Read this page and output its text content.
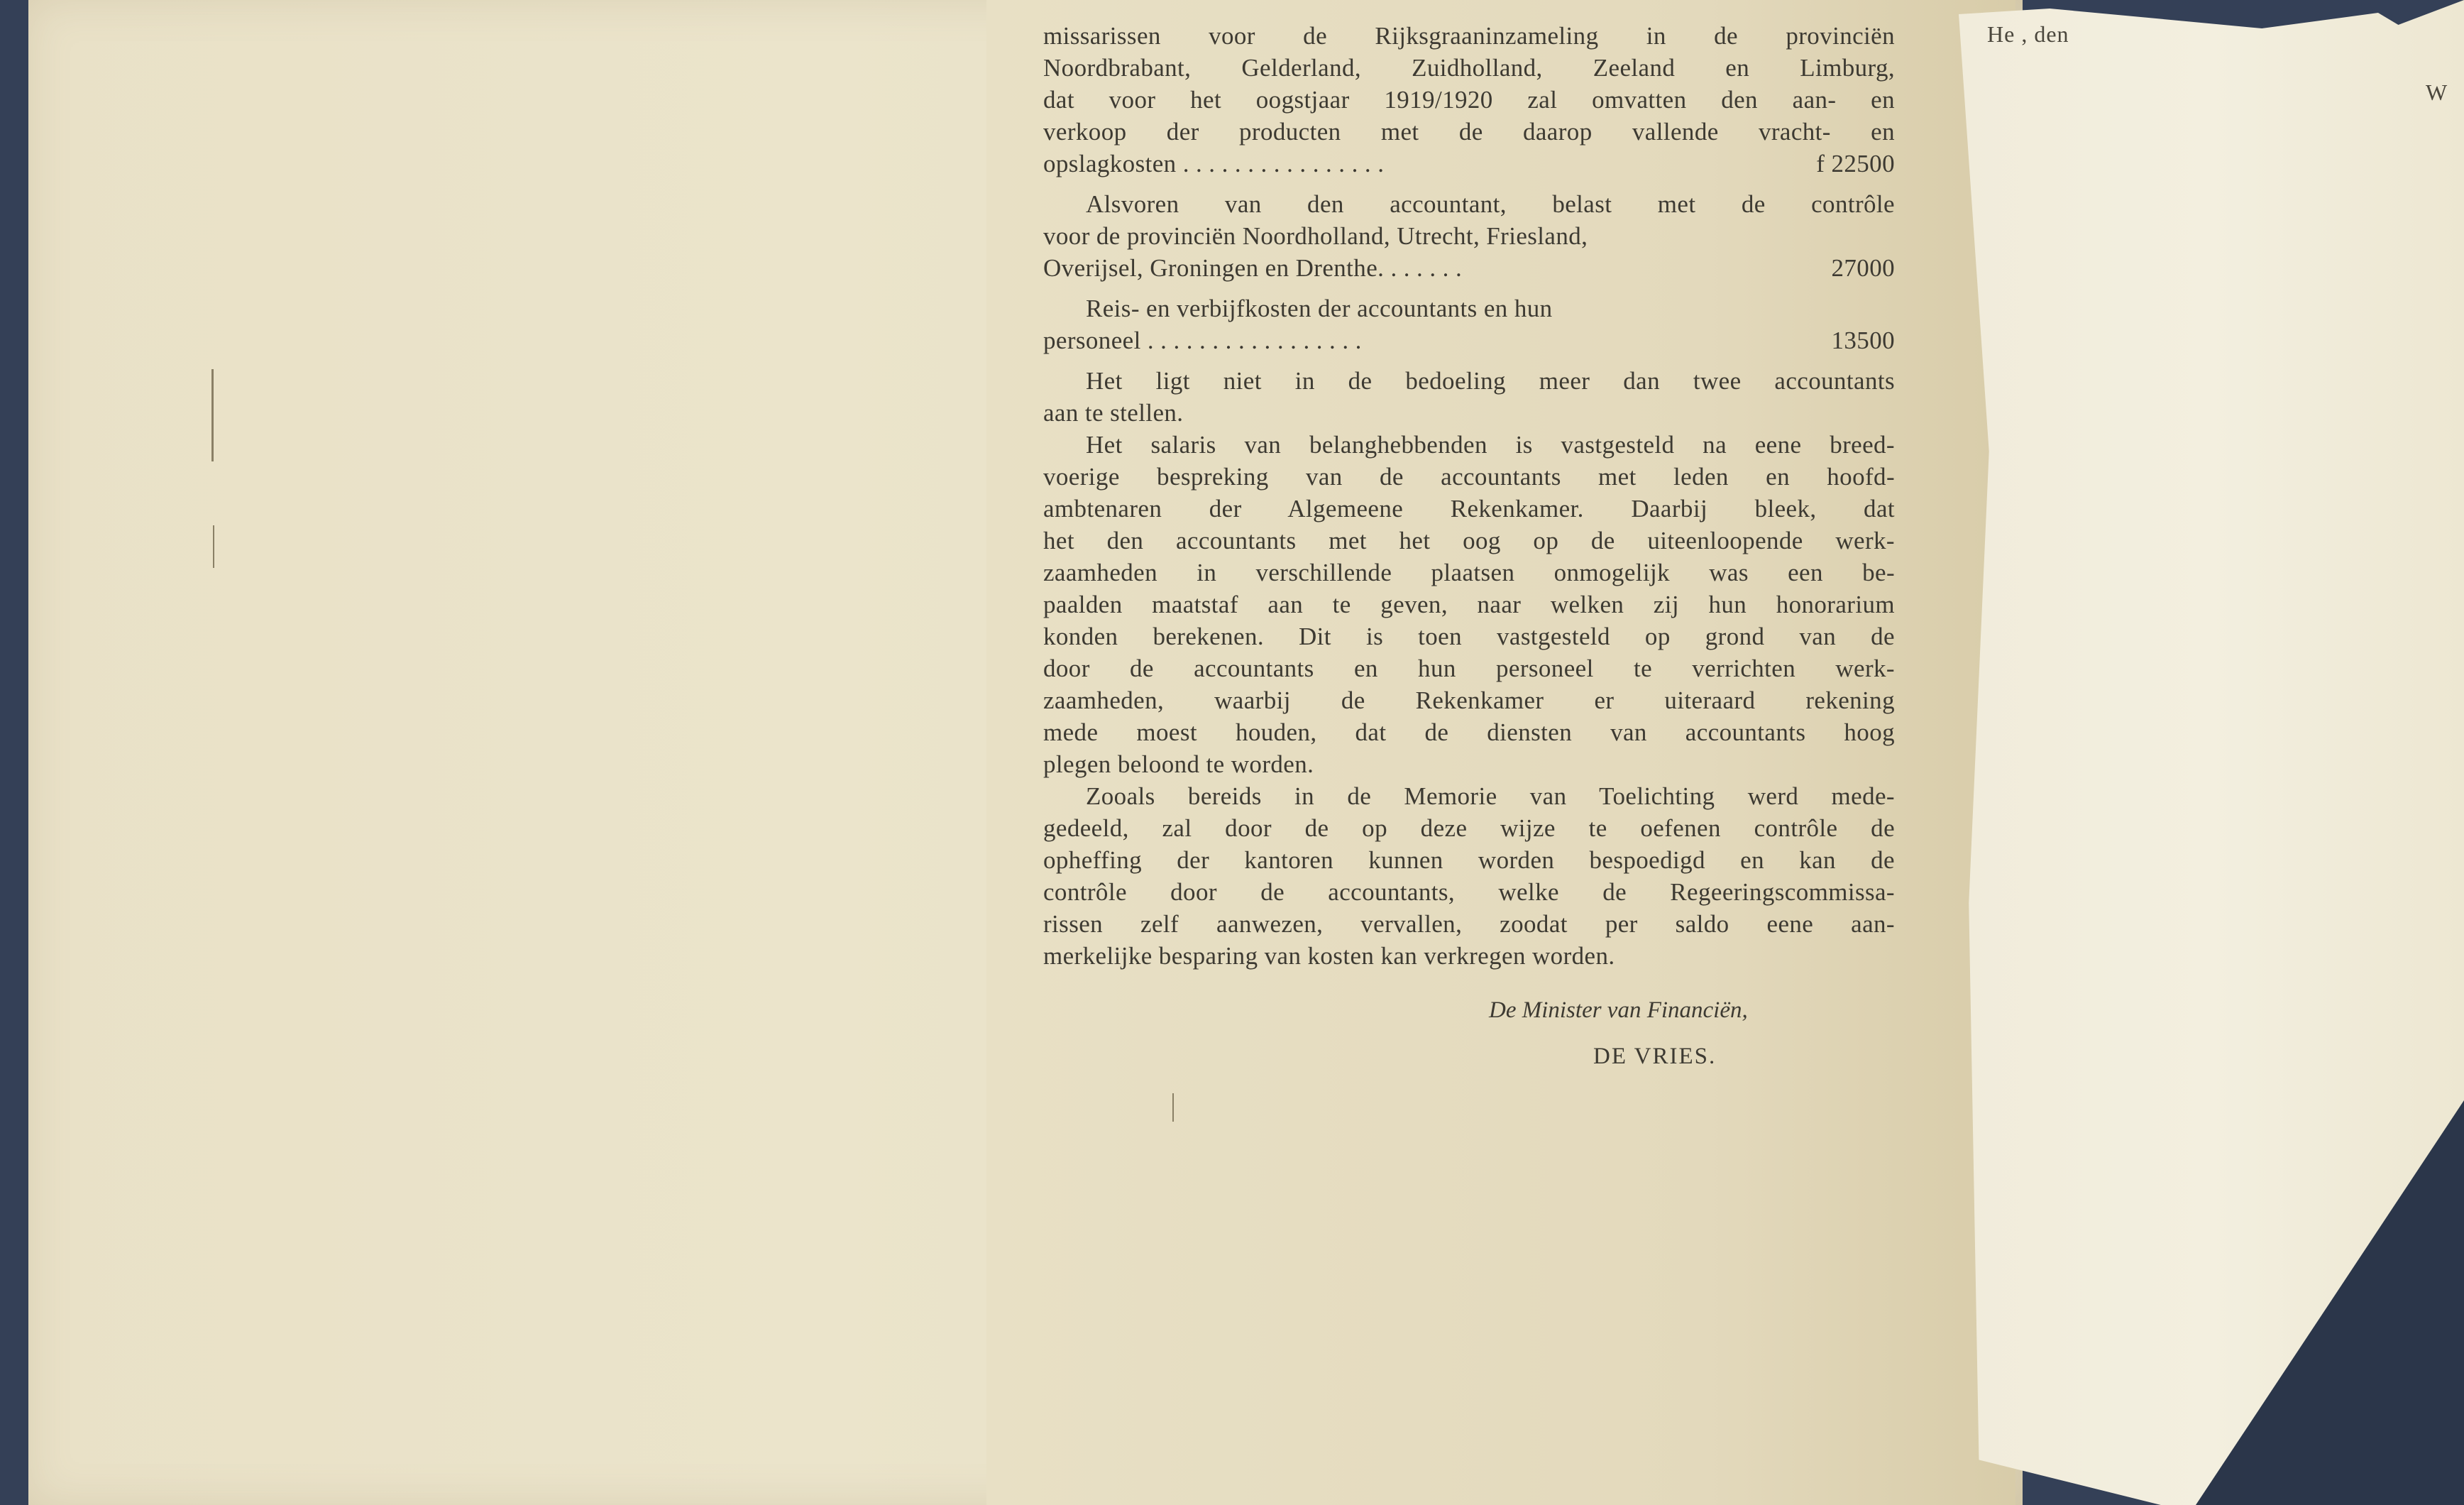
He , den
W
missarissen voor de Rijksgraaninzameling in de provinciën
Noordbrabant, Gelderland, Zuidholland, Zeeland en Limburg,
dat voor het oogstjaar 1919/1920 zal omvatten den aan- en
verkoop der producten met de daarop vallende vracht- en
opslagkosten . . . . . . . . . . . . . . . .	f 22500
Alsvoren van den accountant, belast met de contrôle
voor de provinciën Noordholland, Utrecht, Friesland,
Overijsel, Groningen en Drenthe. . . . . . .	27000
Reis- en verbijfkosten der accountants en hun
personeel . . . . . . . . . . . . . . . . .	13500
Het ligt niet in de bedoeling meer dan twee accountants
aan te stellen.
Het salaris van belanghebbenden is vastgesteld na eene breed-
voerige bespreking van de accountants met leden en hoofd-
ambtenaren der Algemeene Rekenkamer. Daarbij bleek, dat
het den accountants met het oog op de uiteenloopende werk-
zaamheden in verschillende plaatsen onmogelijk was een be-
paalden maatstaf aan te geven, naar welken zij hun honorarium
konden berekenen. Dit is toen vastgesteld op grond van de
door de accountants en hun personeel te verrichten werk-
zaamheden, waarbij de Rekenkamer er uiteraard rekening
mede moest houden, dat de diensten van accountants hoog
plegen beloond te worden.
Zooals bereids in de Memorie van Toelichting werd mede-
gedeeld, zal door de op deze wijze te oefenen contrôle de
opheffing der kantoren kunnen worden bespoedigd en kan de
contrôle door de accountants, welke de Regeeringscommissa-
rissen zelf aanwezen, vervallen, zoodat per saldo eene aan-
merkelijke besparing van kosten kan verkregen worden.
De Minister van Financiën,
DE VRIES.
